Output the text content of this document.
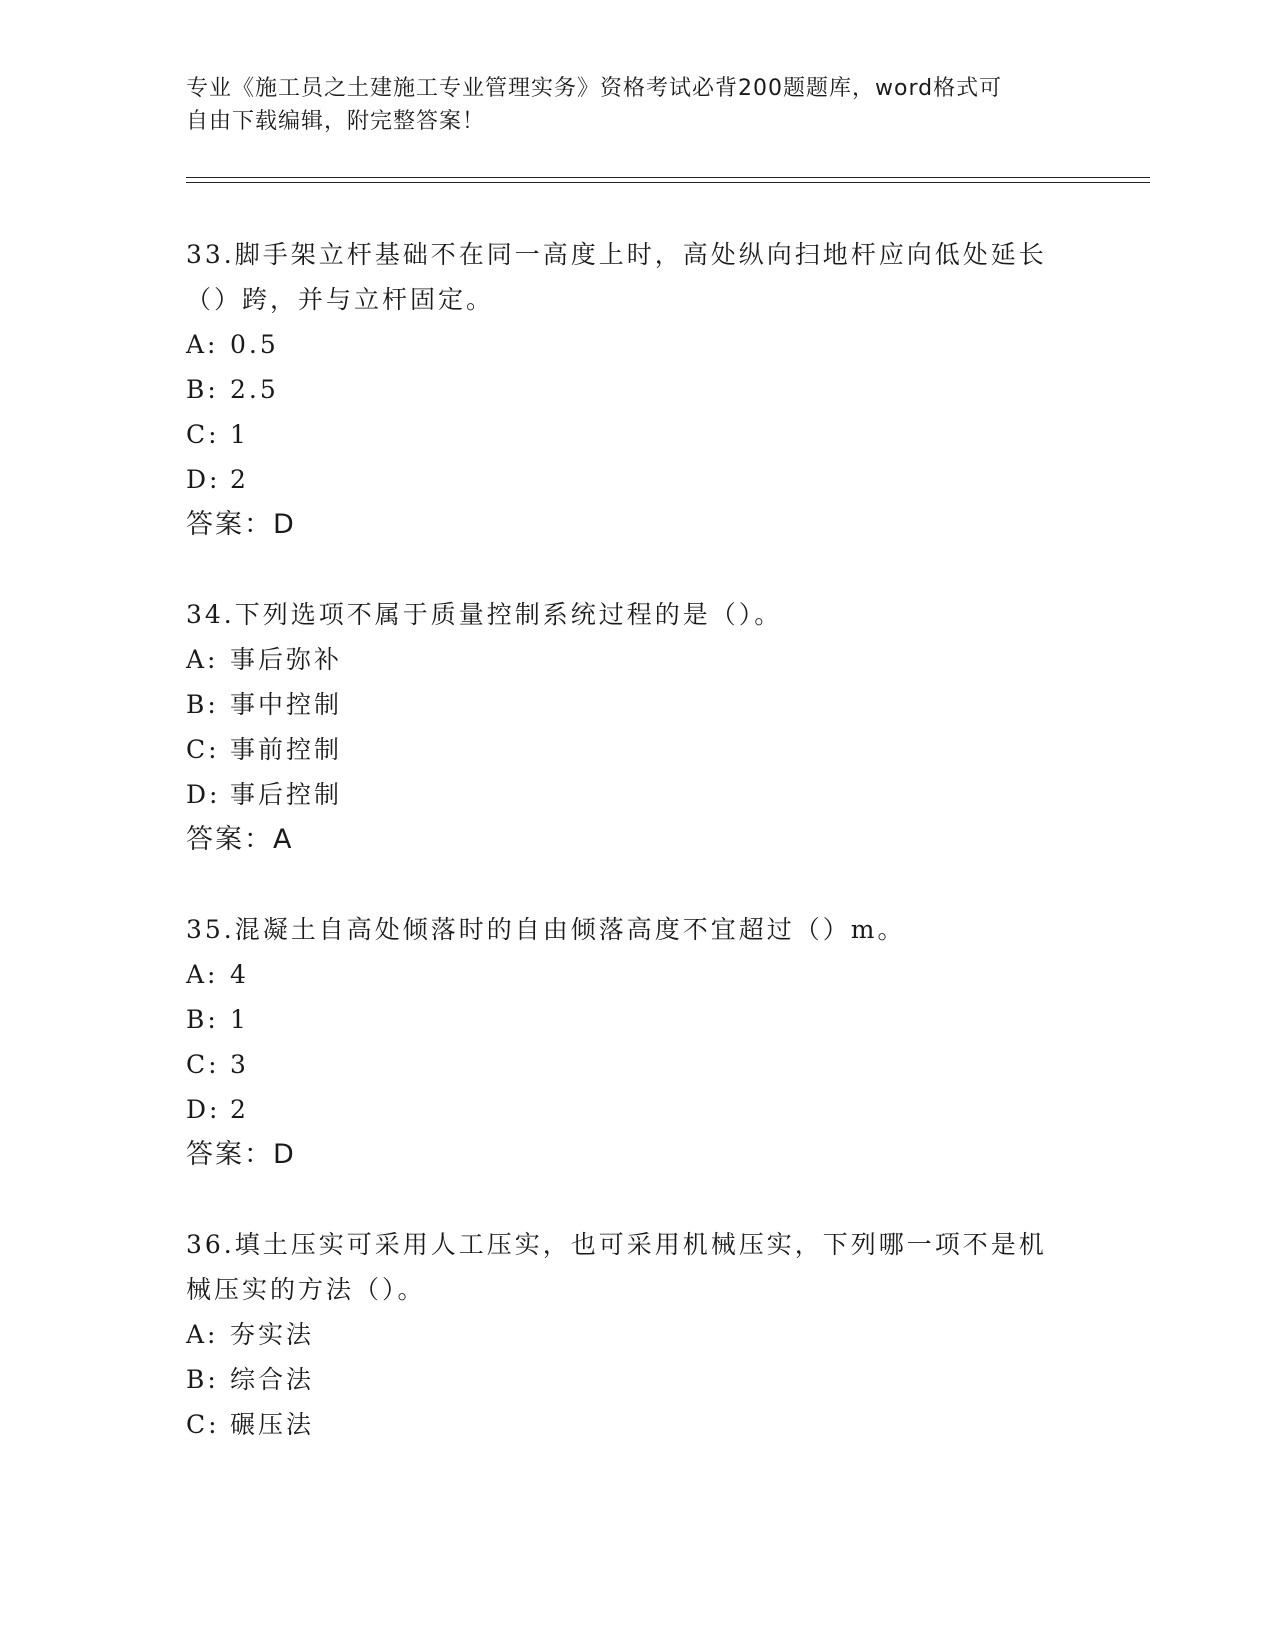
专业《施工员之土建施工专业管理实务》资格考试必背200题题库，word格式可
自由下载编辑，附完整答案！
33.脚手架立杆基础不在同一高度上时，高处纵向扫地杆应向低处延长
（）跨，并与立杆固定。
A: 0.5
B: 2.5
C: 1
D: 2
答案：D
34.下列选项不属于质量控制系统过程的是（）。
A: 事后弥补
B: 事中控制
C: 事前控制
D: 事后控制
答案：A
35.混凝土自高处倾落时的自由倾落高度不宜超过（）m。
A: 4
B: 1
C: 3
D: 2
答案：D
36.填土压实可采用人工压实，也可采用机械压实，下列哪一项不是机
械压实的方法（）。
A: 夯实法
B: 综合法
C: 碾压法
